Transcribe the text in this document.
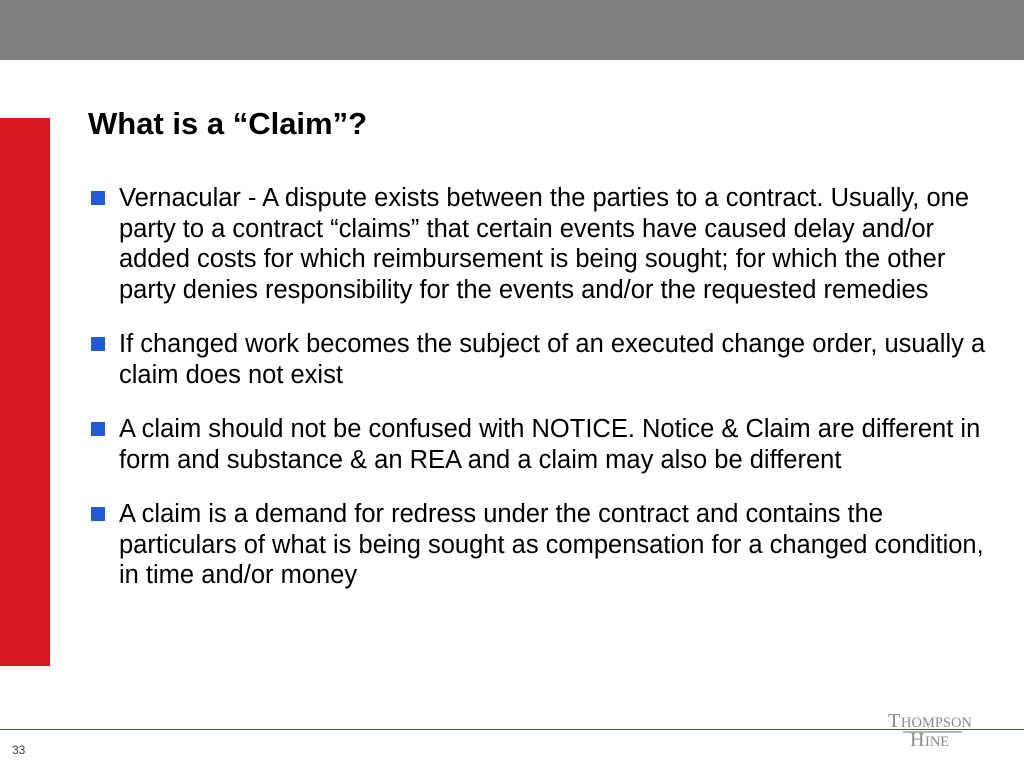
What is a “Claim”?
Vernacular - A dispute exists between the parties to a contract. Usually, one party to a contract “claims” that certain events have caused delay and/or added costs for which reimbursement is being sought; for which the other party denies responsibility for the events and/or the requested remedies
If changed work becomes the subject of an executed change order, usually a claim does not exist
A claim should not be confused with NOTICE. Notice & Claim are different in form and substance & an REA and a claim may also be different
A claim is a demand for redress under the contract and contains the particulars of what is being sought as compensation for a changed condition, in time and/or money
33
T HOMPSON
H INE
